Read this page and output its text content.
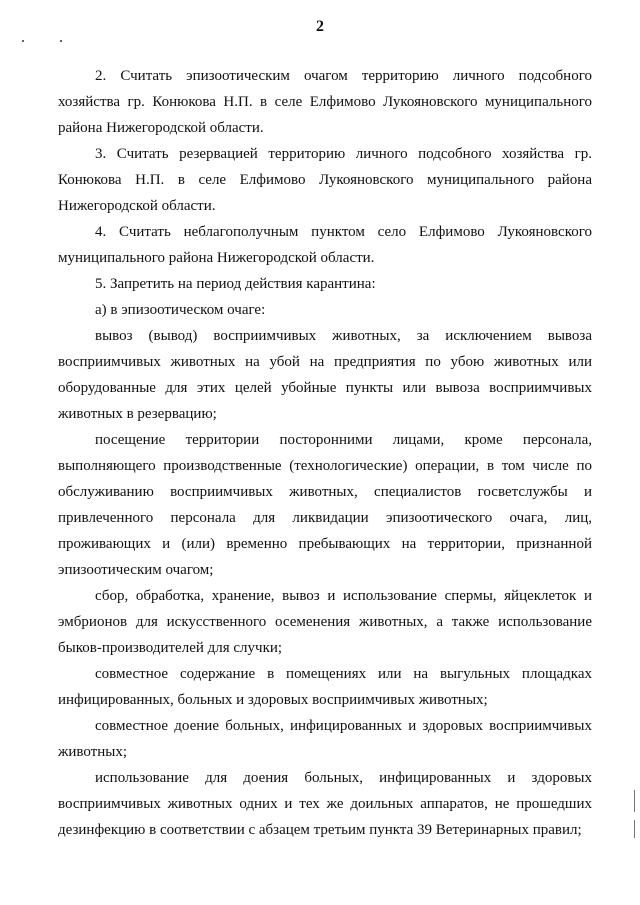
2

2. Считать эпизоотическим очагом территорию личного подсобного хозяйства гр. Конюкова Н.П. в селе Елфимово Лукояновского муниципального района Нижегородской области.

3. Считать резервацией территорию личного подсобного хозяйства гр. Конюкова Н.П. в селе Елфимово Лукояновского муниципального района Нижегородской области.

4. Считать неблагополучным пунктом село Елфимово Лукояновского муниципального района Нижегородской области.

5. Запретить на период действия карантина:

а) в эпизоотическом очаге:

вывоз (вывод) восприимчивых животных, за исключением вывоза восприимчивых животных на убой на предприятия по убою животных или оборудованные для этих целей убойные пункты или вывоза восприимчивых животных в резервацию;

посещение территории посторонними лицами, кроме персонала, выполняющего производственные (технологические) операции, в том числе по обслуживанию восприимчивых животных, специалистов госветслужбы и привлеченного персонала для ликвидации эпизоотического очага, лиц, проживающих и (или) временно пребывающих на территории, признанной эпизоотическим очагом;

сбор, обработка, хранение, вывоз и использование спермы, яйцеклеток и эмбрионов для искусственного осеменения животных, а также использование быков-производителей для случки;

совместное содержание в помещениях или на выгульных площадках инфицированных, больных и здоровых восприимчивых животных;

совместное доение больных, инфицированных и здоровых восприимчивых животных;

использование для доения больных, инфицированных и здоровых восприимчивых животных одних и тех же доильных аппаратов, не прошедших дезинфекцию в соответствии с абзацем третьим пункта 39 Ветеринарных правил;
